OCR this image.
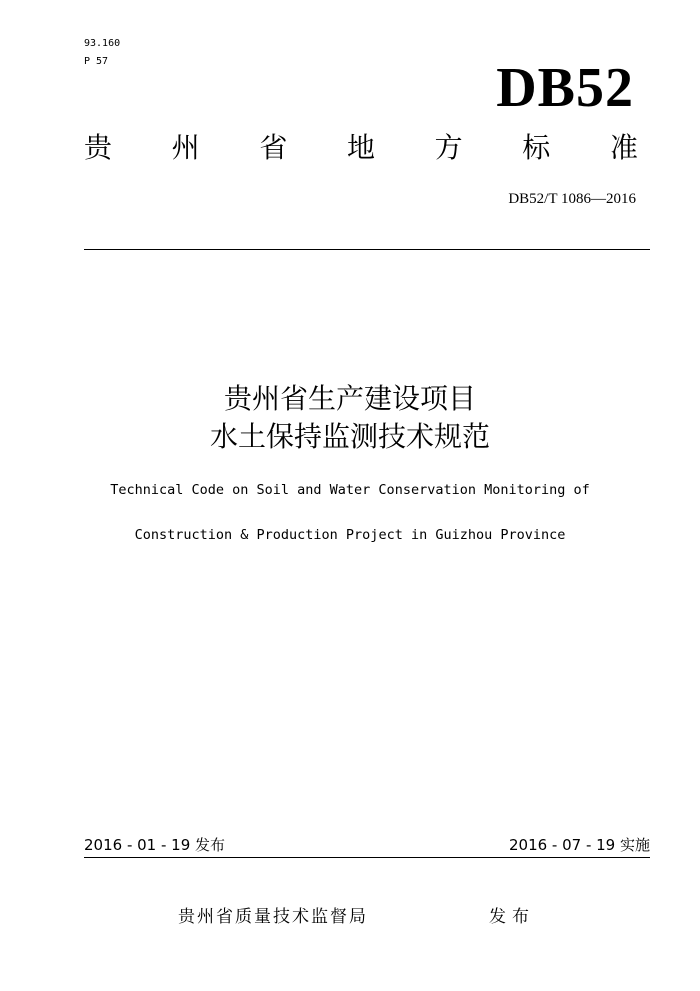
93.160
P 57	DB52
贵 州 省 地 方 标 准
DB52/T 1086—2016
贵州省生产建设项目
水土保持监测技术规范
Technical Code on Soil and Water Conservation Monitoring of
Construction & Production Project in Guizhou Province
2016 - 01 - 19 发布	2016 - 07 - 19 实施
贵州省质量技术监督局	发布
